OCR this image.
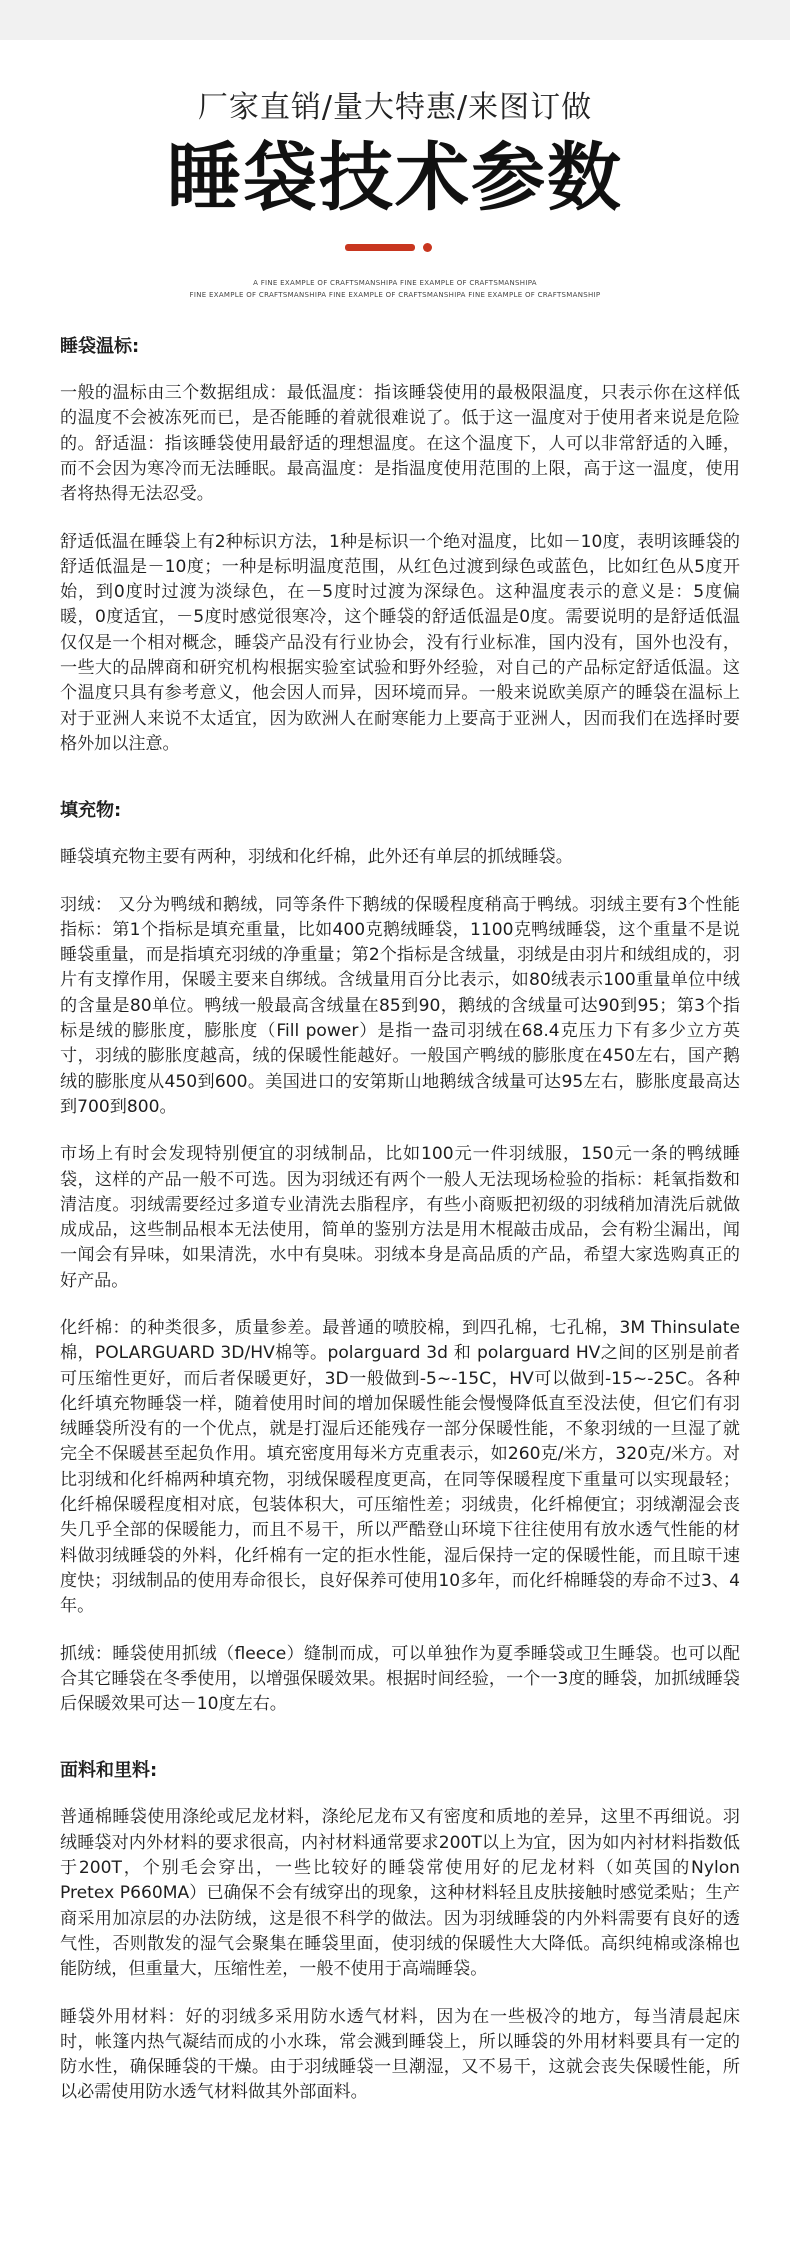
厂家直销/量大特惠/来图订做
睡袋技术参数
A FINE EXAMPLE OF CRAFTSMANSHIPA FINE EXAMPLE OF CRAFTSMANSHIPA
FINE EXAMPLE OF CRAFTSMANSHIPA FINE EXAMPLE OF CRAFTSMANSHIPA FINE EXAMPLE OF CRAFTSMANSHIP
睡袋温标:

一般的温标由三个数据组成：最低温度：指该睡袋使用的最极限温度，只表示你在这样低的温度不会被冻死而已，是否能睡的着就很难说了。低于这一温度对于使用者来说是危险的。舒适温：指该睡袋使用最舒适的理想温度。在这个温度下，人可以非常舒适的入睡，而不会因为寒冷而无法睡眠。最高温度：是指温度使用范围的上限，高于这一温度，使用者将热得无法忍受。

舒适低温在睡袋上有2种标识方法，1种是标识一个绝对温度，比如－10度，表明该睡袋的舒适低温是－10度；一种是标明温度范围，从红色过渡到绿色或蓝色，比如红色从5度开始，到0度时过渡为淡绿色，在－5度时过渡为深绿色。这种温度表示的意义是：5度偏暖，0度适宜，－5度时感觉很寒冷，这个睡袋的舒适低温是0度。需要说明的是舒适低温仅仅是一个相对概念，睡袋产品没有行业协会，没有行业标准，国内没有，国外也没有，一些大的品牌商和研究机构根据实验室试验和野外经验，对自己的产品标定舒适低温。这个温度只具有参考意义，他会因人而异，因环境而异。一般来说欧美原产的睡袋在温标上对于亚洲人来说不太适宜，因为欧洲人在耐寒能力上要高于亚洲人，因而我们在选择时要格外加以注意。

填充物:

睡袋填充物主要有两种，羽绒和化纤棉，此外还有单层的抓绒睡袋。

羽绒： 又分为鸭绒和鹅绒，同等条件下鹅绒的保暖程度稍高于鸭绒。羽绒主要有3个性能指标：第1个指标是填充重量，比如400克鹅绒睡袋，1100克鸭绒睡袋，这个重量不是说睡袋重量，而是指填充羽绒的净重量；第2个指标是含绒量，羽绒是由羽片和绒组成的，羽片有支撑作用，保暖主要来自绑绒。含绒量用百分比表示，如80绒表示100重量单位中绒的含量是80单位。鸭绒一般最高含绒量在85到90，鹅绒的含绒量可达90到95；第3个指标是绒的膨胀度，膨胀度（Fill power）是指一盎司羽绒在68.4克压力下有多少立方英寸，羽绒的膨胀度越高，绒的保暖性能越好。一般国产鸭绒的膨胀度在450左右，国产鹅绒的膨胀度从450到600。美国进口的安第斯山地鹅绒含绒量可达95左右，膨胀度最高达到700到800。

市场上有时会发现特别便宜的羽绒制品，比如100元一件羽绒服，150元一条的鸭绒睡袋，这样的产品一般不可选。因为羽绒还有两个一般人无法现场检验的指标：耗氧指数和清洁度。羽绒需要经过多道专业清洗去脂程序，有些小商贩把初级的羽绒稍加清洗后就做成成品，这些制品根本无法使用，简单的鉴别方法是用木棍敲击成品，会有粉尘漏出，闻一闻会有异味，如果清洗，水中有臭味。羽绒本身是高品质的产品，希望大家选购真正的好产品。

化纤棉：的种类很多，质量参差。最普通的喷胶棉，到四孔棉，七孔棉，3M Thinsulate 棉，POLARGUARD 3D/HV棉等。polarguard 3d 和 polarguard HV之间的区别是前者可压缩性更好，而后者保暖更好，3D一般做到-5~-15C，HV可以做到-15~-25C。各种化纤填充物睡袋一样，随着使用时间的增加保暖性能会慢慢降低直至没法使，但它们有羽绒睡袋所没有的一个优点，就是打湿后还能残存一部分保暖性能，不象羽绒的一旦湿了就完全不保暖甚至起负作用。填充密度用每米方克重表示，如260克/米方，320克/米方。对比羽绒和化纤棉两种填充物，羽绒保暖程度更高，在同等保暖程度下重量可以实现最轻；化纤棉保暖程度相对底，包装体积大，可压缩性差；羽绒贵，化纤棉便宜；羽绒潮湿会丧失几乎全部的保暖能力，而且不易干，所以严酷登山环境下往往使用有放水透气性能的材料做羽绒睡袋的外料，化纤棉有一定的拒水性能，湿后保持一定的保暖性能，而且晾干速度快；羽绒制品的使用寿命很长，良好保养可使用10多年，而化纤棉睡袋的寿命不过3、4年。

抓绒：睡袋使用抓绒（fleece）缝制而成，可以单独作为夏季睡袋或卫生睡袋。也可以配合其它睡袋在冬季使用，以增强保暖效果。根据时间经验，一个一3度的睡袋，加抓绒睡袋后保暖效果可达－10度左右。

面料和里料:

普通棉睡袋使用涤纶或尼龙材料，涤纶尼龙布又有密度和质地的差异，这里不再细说。羽绒睡袋对内外材料的要求很高，内衬材料通常要求200T以上为宜，因为如内衬材料指数低于200T，个别毛会穿出，一些比较好的睡袋常使用好的尼龙材料（如英国的Nylon Pretex P660MA）已确保不会有绒穿出的现象，这种材料轻且皮肤接触时感觉柔贴；生产商采用加凉层的办法防绒，这是很不科学的做法。因为羽绒睡袋的内外料需要有良好的透气性，否则散发的湿气会聚集在睡袋里面，使羽绒的保暖性大大降低。高织纯棉或涤棉也能防绒，但重量大，压缩性差，一般不使用于高端睡袋。

睡袋外用材料：好的羽绒多采用防水透气材料，因为在一些极冷的地方，每当清晨起床时，帐篷内热气凝结而成的小水珠，常会溅到睡袋上，所以睡袋的外用材料要具有一定的防水性，确保睡袋的干燥。由于羽绒睡袋一旦潮湿，又不易干，这就会丧失保暖性能，所以必需使用防水透气材料做其外部面料。
